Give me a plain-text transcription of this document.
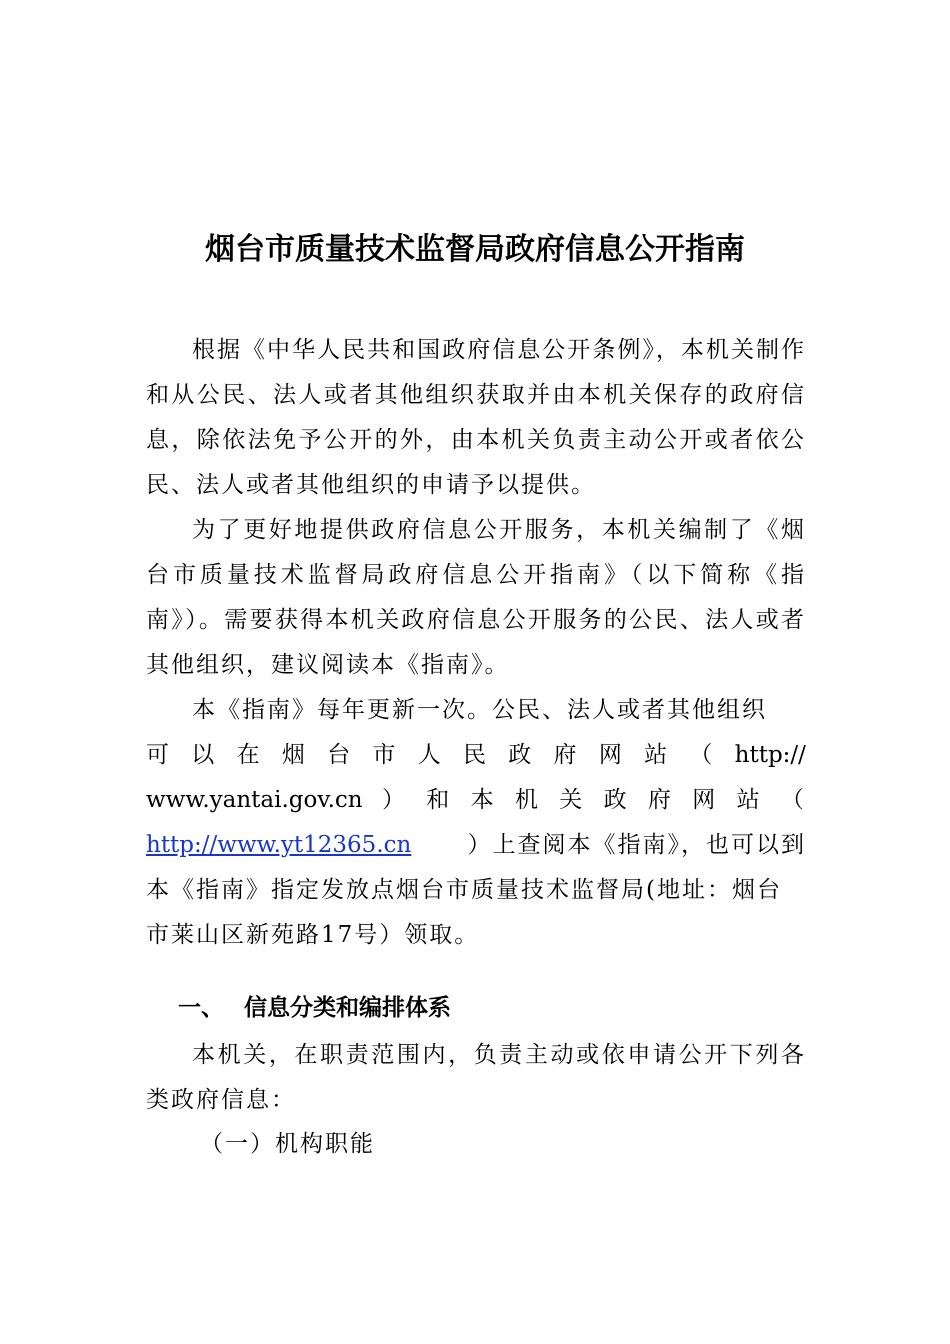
烟台市质量技术监督局政府信息公开指南

根据《中华人民共和国政府信息公开条例》，本机关制作和从公民、法人或者其他组织获取并由本机关保存的政府信息，除依法免予公开的外，由本机关负责主动公开或者依公民、法人或者其他组织的申请予以提供。

为了更好地提供政府信息公开服务，本机关编制了《烟台市质量技术监督局政府信息公开指南》（以下简称《指南》）。需要获得本机关政府信息公开服务的公民、法人或者其他组织，建议阅读本《指南》。

本《指南》每年更新一次。公民、法人或者其他组织
可 以 在 烟 台 市 人 民 政 府 网 站 （ http://
www.yantai.gov.cn ） 和 本 机 关 政 府 网 站 （
http://www.yt12365.cn ）上查阅本《指南》，也可以到
本《指南》指定发放点烟台市质量技术监督局(地址：烟台
市莱山区新苑路17号）领取。
一、 信息分类和编排体系

本机关，在职责范围内，负责主动或依申请公开下列各类政府信息：

（一）机构职能
